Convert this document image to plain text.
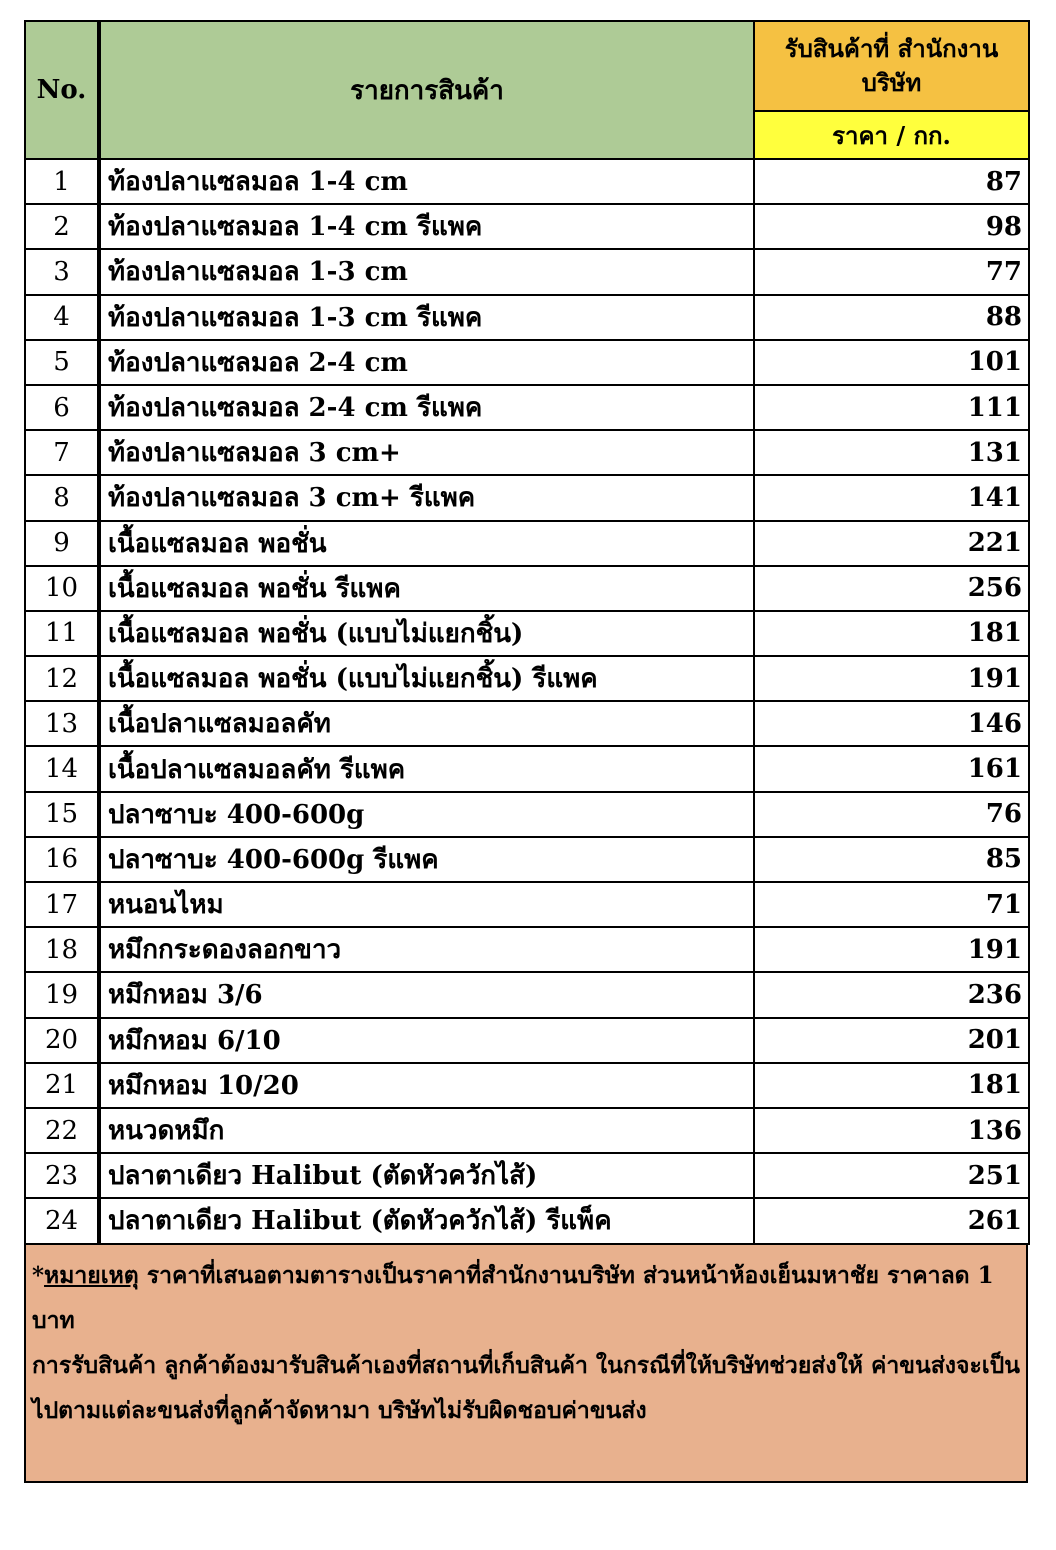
No.	รายการสินค้า	รับสินค้าที่ สำนักงานบริษัท
		ราคา / กก.
1	ท้องปลาแซลมอล 1-4 cm	87
2	ท้องปลาแซลมอล 1-4 cm รีแพค	98
3	ท้องปลาแซลมอล 1-3 cm	77
4	ท้องปลาแซลมอล 1-3 cm รีแพค	88
5	ท้องปลาแซลมอล 2-4 cm	101
6	ท้องปลาแซลมอล 2-4 cm รีแพค	111
7	ท้องปลาแซลมอล 3 cm+	131
8	ท้องปลาแซลมอล 3 cm+ รีแพค	141
9	เนื้อแซลมอล พอชั่น	221
10	เนื้อแซลมอล พอชั่น รีแพค	256
11	เนื้อแซลมอล พอชั่น (แบบไม่แยกชิ้น)	181
12	เนื้อแซลมอล พอชั่น (แบบไม่แยกชิ้น) รีแพค	191
13	เนื้อปลาแซลมอลคัท	146
14	เนื้อปลาแซลมอลคัท รีแพค	161
15	ปลาซาบะ 400-600g	76
16	ปลาซาบะ 400-600g รีแพค	85
17	หนอนไหม	71
18	หมึกกระดองลอกขาว	191
19	หมึกหอม 3/6	236
20	หมึกหอม 6/10	201
21	หมึกหอม 10/20	181
22	หนวดหมึก	136
23	ปลาตาเดียว Halibut (ตัดหัวควักไส้)	251
24	ปลาตาเดียว Halibut (ตัดหัวควักไส้) รีแพ็ค	261
*หมายเหตุ ราคาที่เสนอตามตารางเป็นราคาที่สำนักงานบริษัท ส่วนหน้าห้องเย็นมหาชัย ราคาลด 1 บาท
การรับสินค้า ลูกค้าต้องมารับสินค้าเองที่สถานที่เก็บสินค้า ในกรณีที่ให้บริษัทช่วยส่งให้ ค่าขนส่งจะเป็นไปตามแต่ละขนส่งที่ลูกค้าจัดหามา บริษัทไม่รับผิดชอบค่าขนส่ง
